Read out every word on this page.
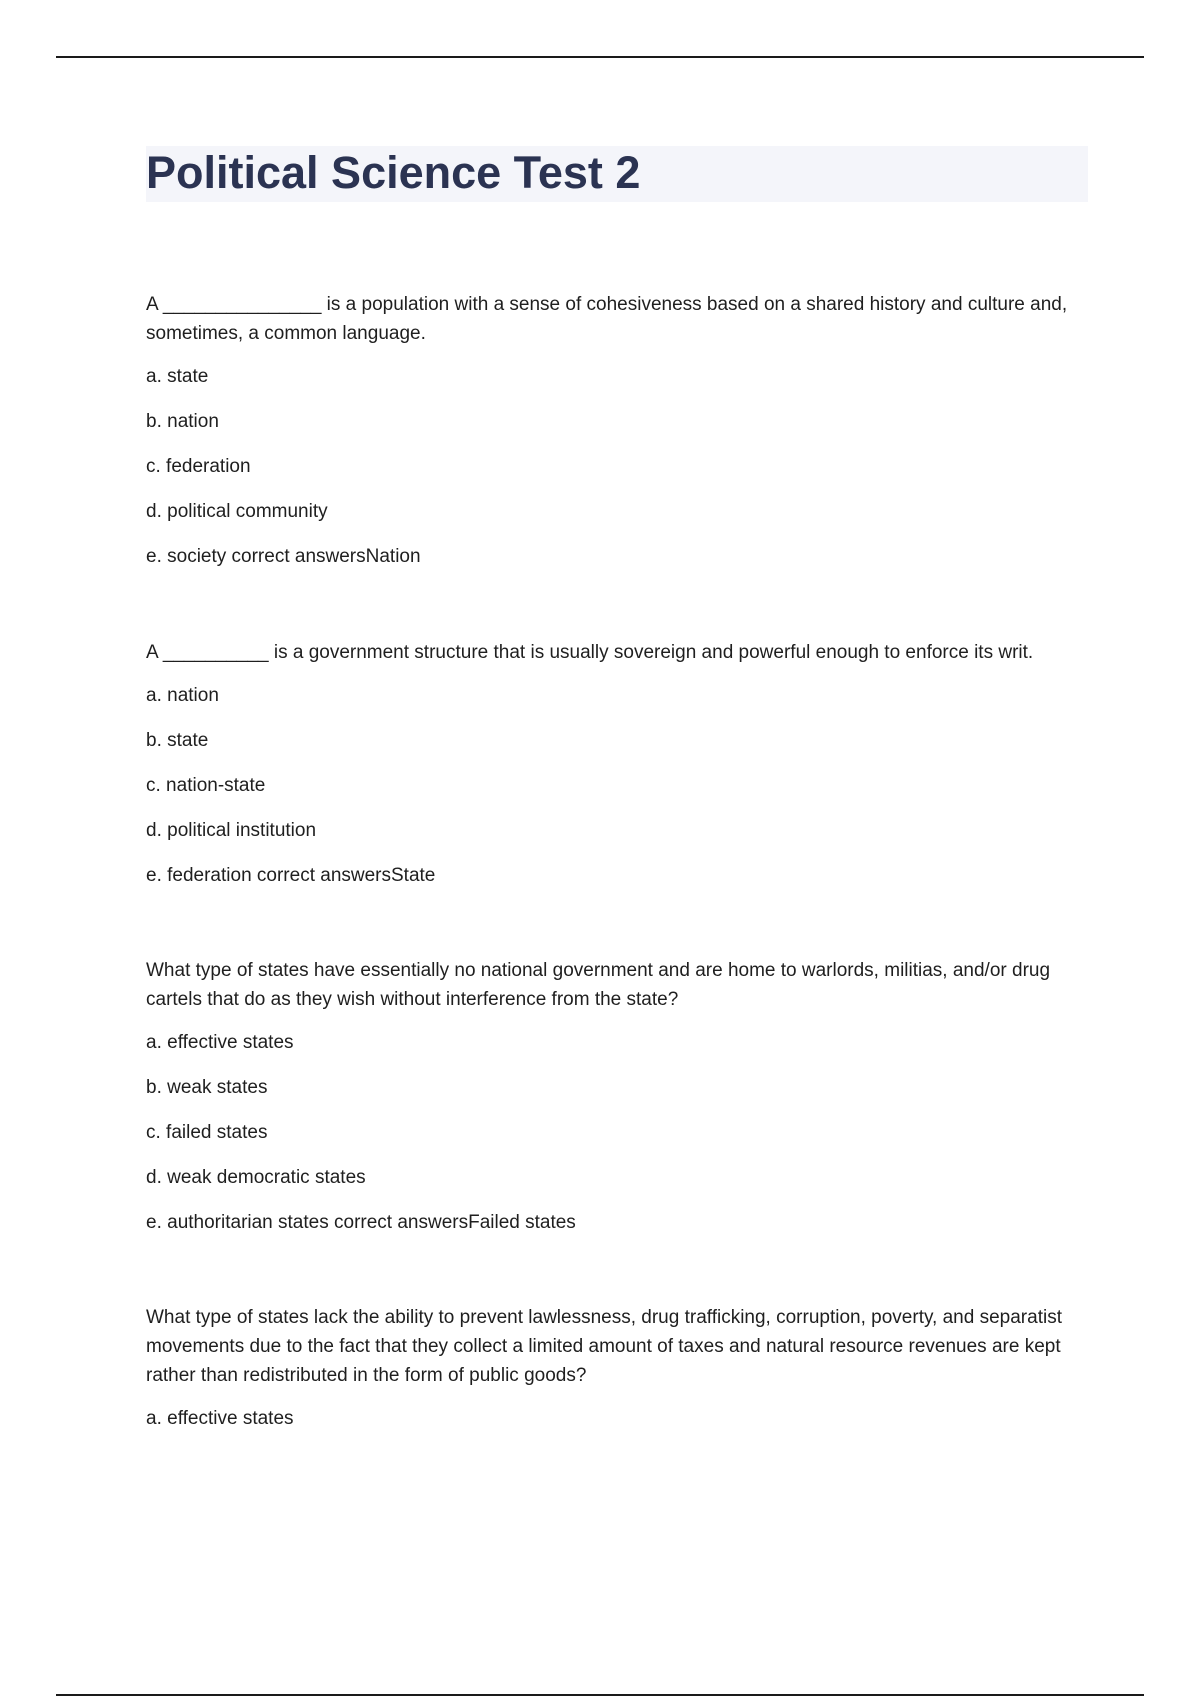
Political Science Test 2

A _______________ is a population with a sense of cohesiveness based on a shared history and culture and, sometimes, a common language.

a. state
b. nation
c. federation
d. political community
e. society correct answersNation

A __________ is a government structure that is usually sovereign and powerful enough to enforce its writ.

a. nation
b. state
c. nation-state
d. political institution
e. federation correct answersState

What type of states have essentially no national government and are home to warlords, militias, and/or drug cartels that do as they wish without interference from the state?

a. effective states
b. weak states
c. failed states
d. weak democratic states
e. authoritarian states correct answersFailed states

What type of states lack the ability to prevent lawlessness, drug trafficking, corruption, poverty, and separatist movements due to the fact that they collect a limited amount of taxes and natural resource revenues are kept rather than redistributed in the form of public goods?

a. effective states
